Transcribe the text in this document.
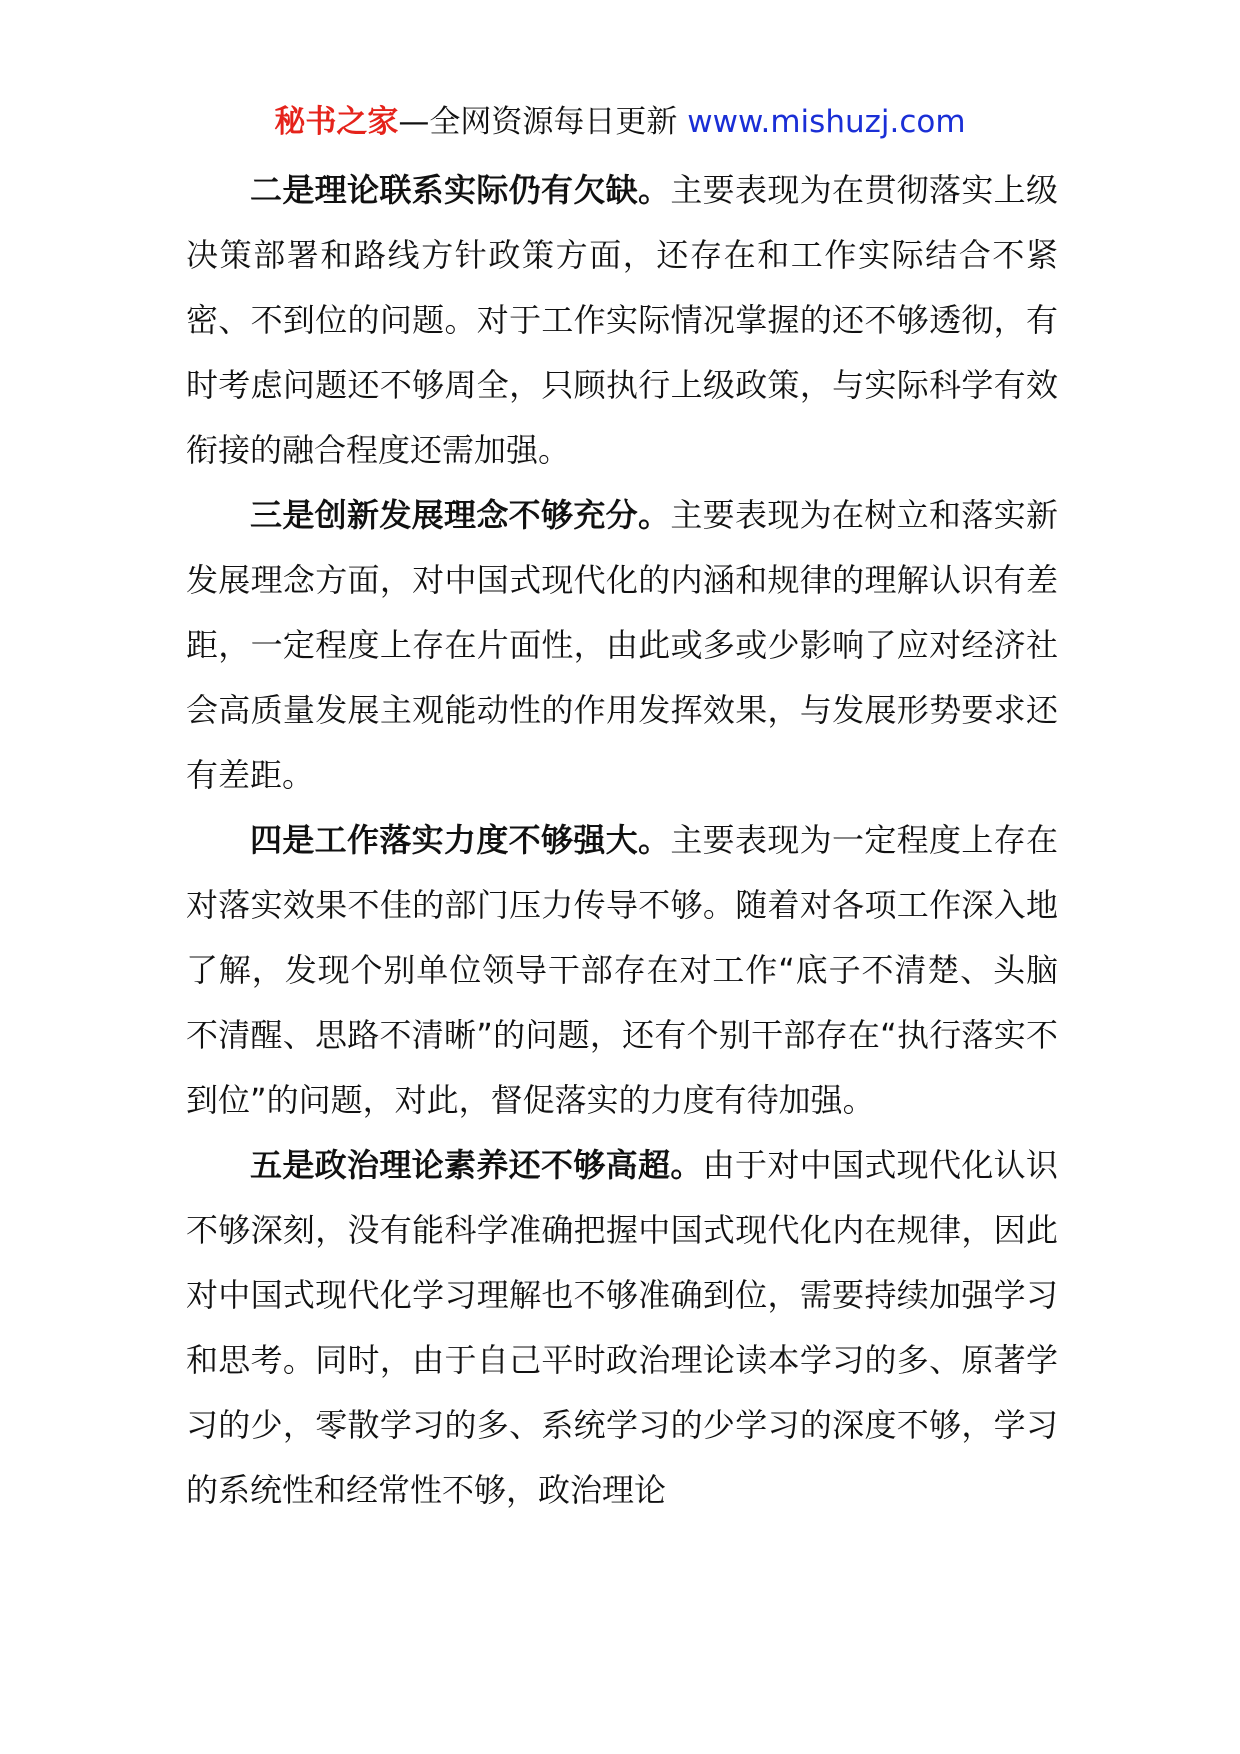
秘书之家—全网资源每日更新 www.mishuzj.com

二是理论联系实际仍有欠缺。主要表现为在贯彻落实上级决策部署和路线方针政策方面，还存在和工作实际结合不紧密、不到位的问题。对于工作实际情况掌握的还不够透彻，有时考虑问题还不够周全，只顾执行上级政策，与实际科学有效衔接的融合程度还需加强。

三是创新发展理念不够充分。主要表现为在树立和落实新发展理念方面，对中国式现代化的内涵和规律的理解认识有差距，一定程度上存在片面性，由此或多或少影响了应对经济社会高质量发展主观能动性的作用发挥效果，与发展形势要求还有差距。

四是工作落实力度不够强大。主要表现为一定程度上存在对落实效果不佳的部门压力传导不够。随着对各项工作深入地了解，发现个别单位领导干部存在对工作“底子不清楚、头脑不清醒、思路不清晰”的问题，还有个别干部存在“执行落实不到位”的问题，对此，督促落实的力度有待加强。

五是政治理论素养还不够高超。由于对中国式现代化认识不够深刻，没有能科学准确把握中国式现代化内在规律，因此对中国式现代化学习理解也不够准确到位，需要持续加强学习和思考。同时，由于自己平时政治理论读本学习的多、原著学习的少，零散学习的多、系统学习的少学习的深度不够，学习的系统性和经常性不够，政治理论
